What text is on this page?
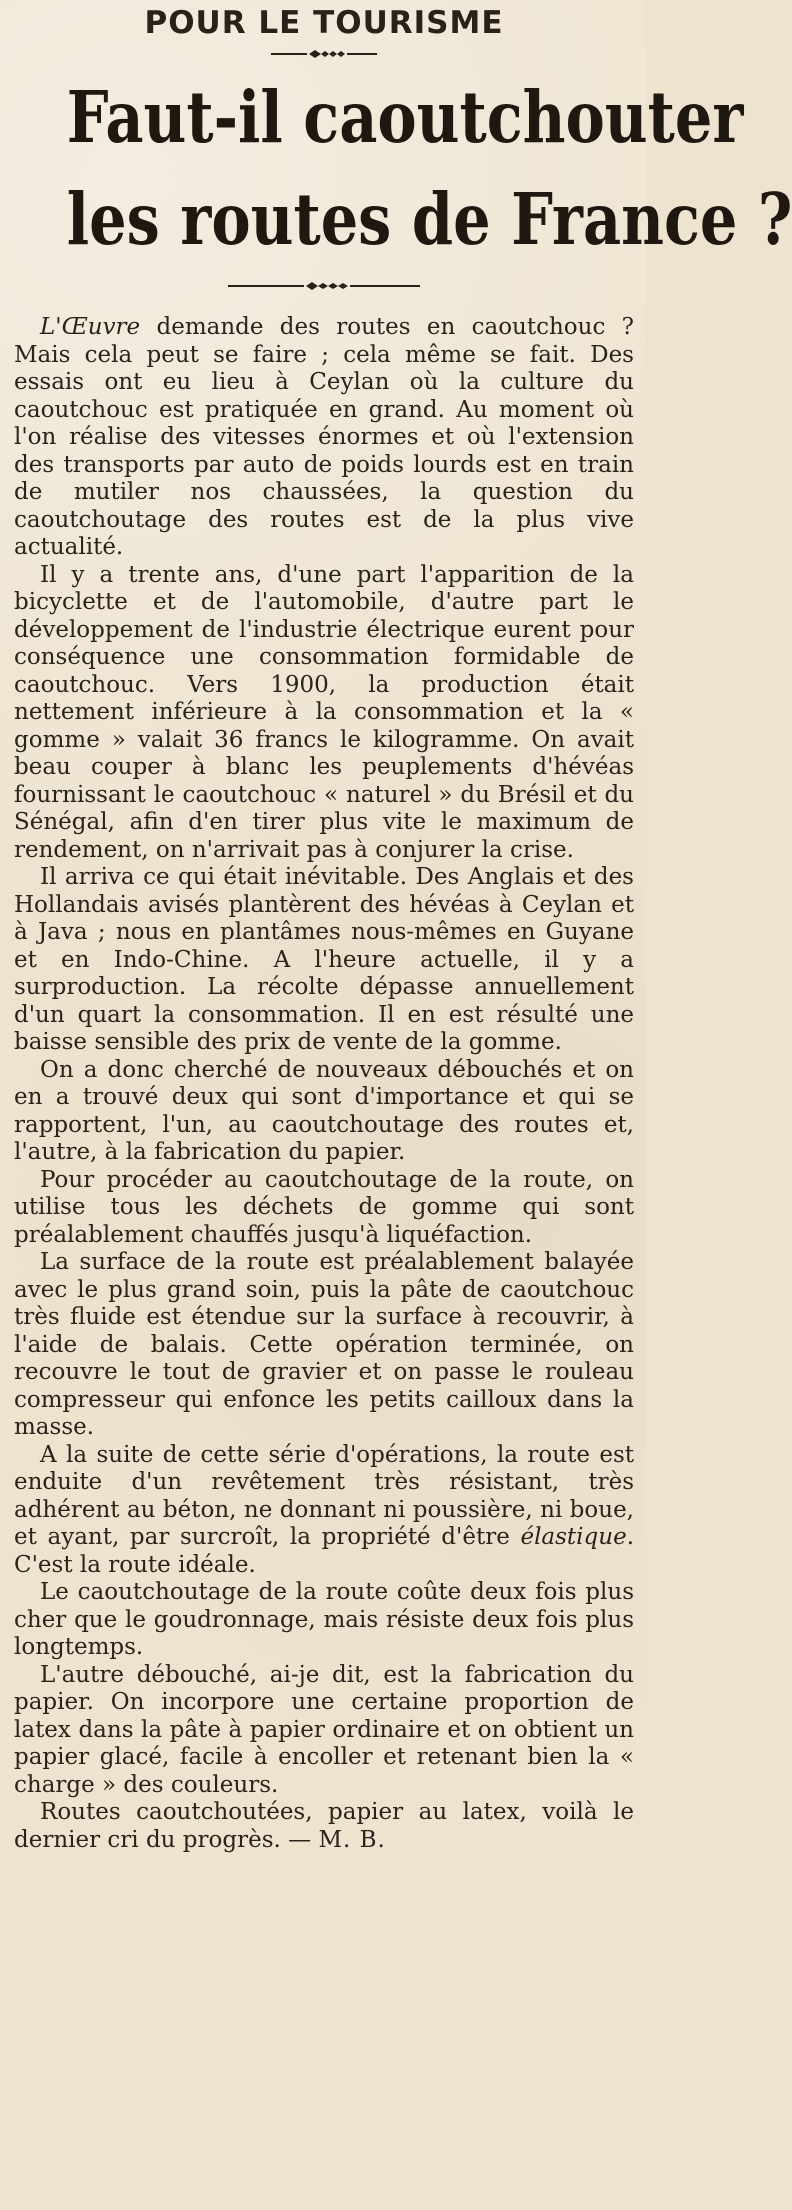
POUR LE TOURISME
Faut-il caoutchouter
les routes de France ?

L'Œuvre demande des routes en caoutchouc ? Mais cela peut se faire ; cela même se fait. Des essais ont eu lieu à Ceylan où la culture du caoutchouc est pratiquée en grand. Au moment où l'on réalise des vitesses énormes et où l'extension des transports par auto de poids lourds est en train de mutiler nos chaussées, la question du caoutchoutage des routes est de la plus vive actualité.

Il y a trente ans, d'une part l'apparition de la bicyclette et de l'automobile, d'autre part le développement de l'industrie électrique eurent pour conséquence une consommation formidable de caoutchouc. Vers 1900, la production était nettement inférieure à la consommation et la « gomme » valait 36 francs le kilogramme. On avait beau couper à blanc les peuplements d'hévéas fournissant le caoutchouc « naturel » du Brésil et du Sénégal, afin d'en tirer plus vite le maximum de rendement, on n'arrivait pas à conjurer la crise.

Il arriva ce qui était inévitable. Des Anglais et des Hollandais avisés plantèrent des hévéas à Ceylan et à Java ; nous en plantâmes nous-mêmes en Guyane et en Indo-Chine. A l'heure actuelle, il y a surproduction. La récolte dépasse annuellement d'un quart la consommation. Il en est résulté une baisse sensible des prix de vente de la gomme.

On a donc cherché de nouveaux débouchés et on en a trouvé deux qui sont d'importance et qui se rapportent, l'un, au caoutchoutage des routes et, l'autre, à la fabrication du papier.

Pour procéder au caoutchoutage de la route, on utilise tous les déchets de gomme qui sont préalablement chauffés jusqu'à liquéfaction.

La surface de la route est préalablement balayée avec le plus grand soin, puis la pâte de caoutchouc très fluide est étendue sur la surface à recouvrir, à l'aide de balais. Cette opération terminée, on recouvre le tout de gravier et on passe le rouleau compresseur qui enfonce les petits cailloux dans la masse.

A la suite de cette série d'opérations, la route est enduite d'un revêtement très résistant, très adhérent au béton, ne donnant ni poussière, ni boue, et ayant, par surcroît, la propriété d'être élastique. C'est la route idéale.

Le caoutchoutage de la route coûte deux fois plus cher que le goudronnage, mais résiste deux fois plus longtemps.

L'autre débouché, ai-je dit, est la fabrication du papier. On incorpore une certaine proportion de latex dans la pâte à papier ordinaire et on obtient un papier glacé, facile à encoller et retenant bien la « charge » des couleurs.

Routes caoutchoutées, papier au latex, voilà le dernier cri du progrès. — M. B.
